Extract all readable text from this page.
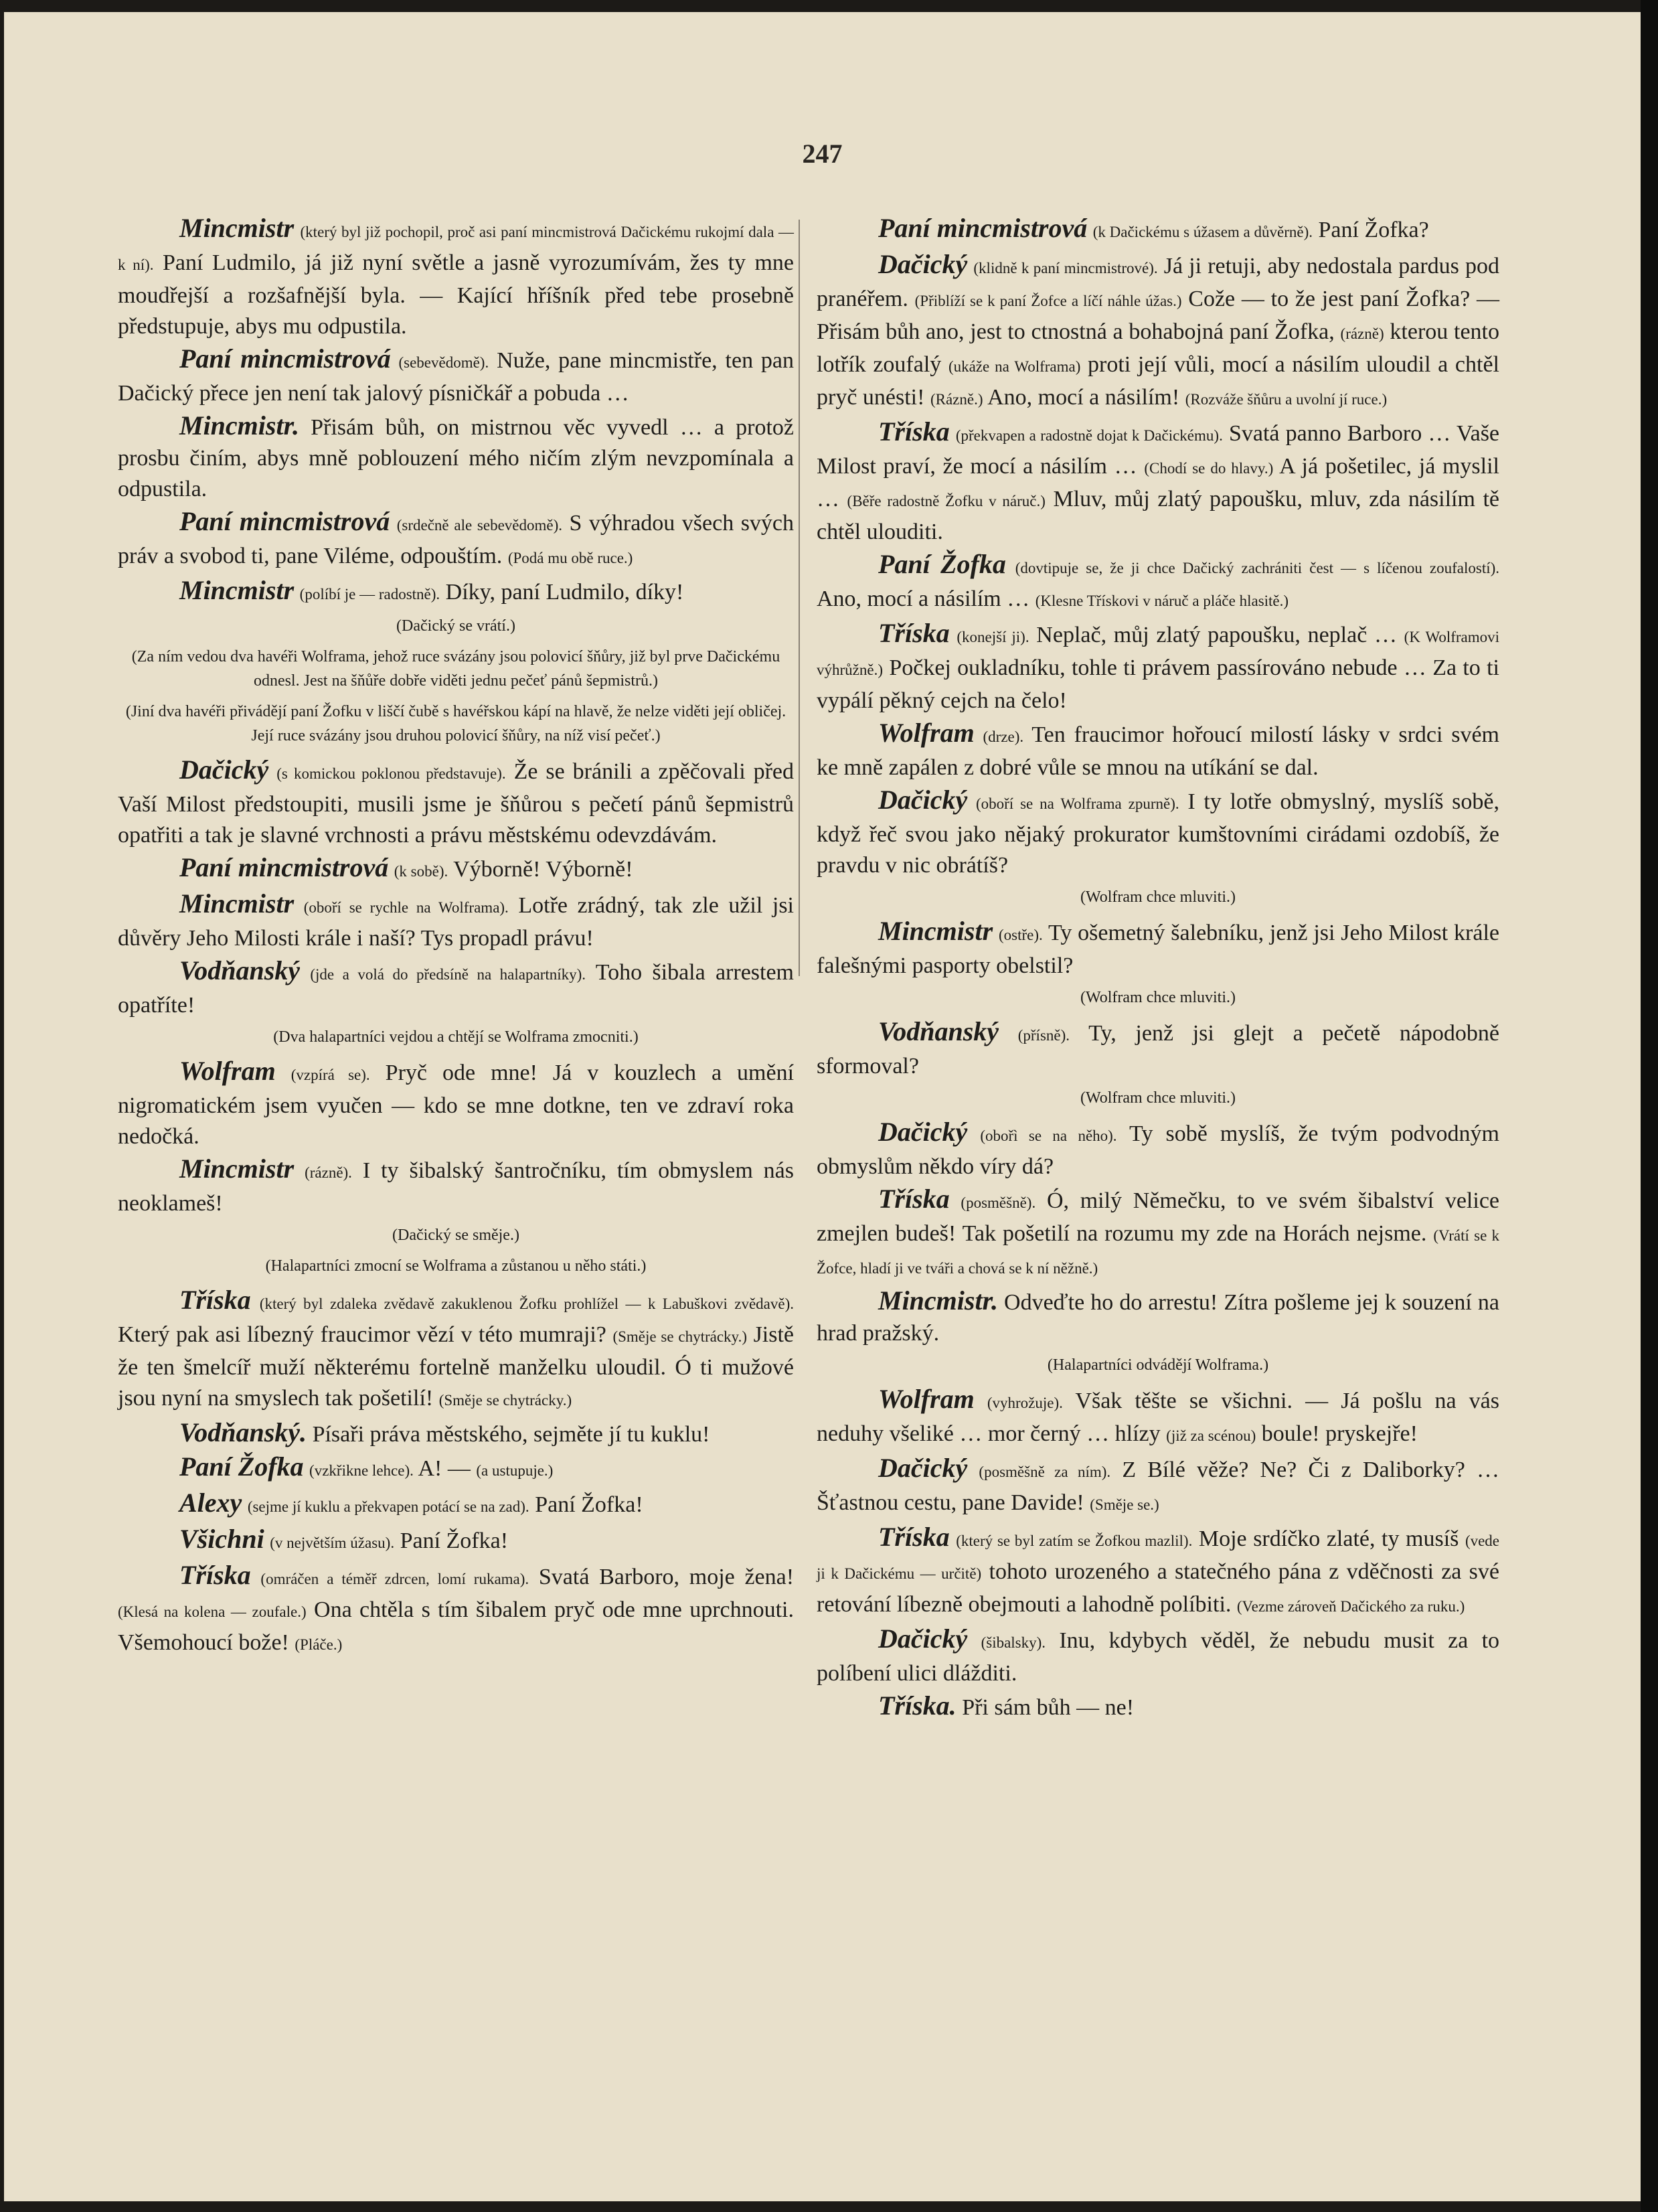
247

Mincmistr (který byl již pochopil, proč asi paní mincmistrová Dačickému rukojmí dala — k ní). Paní Ludmilo, já již nyní světle a jasně vyrozumívám, žes ty mne moudřejší a rozšafnější byla. — Kající hříšník před tebe prosebně předstupuje, abys mu odpustila.

Paní mincmistrová (sebevědomě). Nuže, pane mincmistře, ten pan Dačický přece jen není tak jalový písničkář a pobuda …

Mincmistr. Přisám bůh, on mistrnou věc vyvedl … a protož prosbu činím, abys mně poblouzení mého ničím zlým nevzpomínala a odpustila.

Paní mincmistrová (srdečně ale sebevědomě). S výhradou všech svých práv a svobod ti, pane Viléme, odpouštím. (Podá mu obě ruce.)

Mincmistr (políbí je — radostně). Díky, paní Ludmilo, díky!

(Dačický se vrátí.)

(Za ním vedou dva havéři Wolframa, jehož ruce svázány jsou polovicí šňůry, již byl prve Dačickému odnesl. Jest na šňůře dobře viděti jednu pečeť pánů šepmistrů.)

(Jiní dva havéři přivádějí paní Žofku v liščí čubě s havéřskou kápí na hlavě, že nelze viděti její obličej. Její ruce svázány jsou druhou polovicí šňůry, na níž visí pečeť.)

Dačický (s komickou poklonou představuje). Že se bránili a zpěčovali před Vaší Milost předstoupiti, musili jsme je šňůrou s pečetí pánů šepmistrů opatřiti a tak je slavné vrchnosti a právu městskému odevzdávám.

Paní mincmistrová (k sobě). Výborně! Výborně!

Mincmistr (oboří se rychle na Wolframa). Lotře zrádný, tak zle užil jsi důvěry Jeho Milosti krále i naší? Tys propadl právu!

Vodňanský (jde a volá do předsíně na halapartníky). Toho šibala arrestem opatříte!

(Dva halapartníci vejdou a chtějí se Wolframa zmocniti.)

Wolfram (vzpírá se). Pryč ode mne! Já v kouzlech a umění nigromatickém jsem vyučen — kdo se mne dotkne, ten ve zdraví roka nedočká.

Mincmistr (rázně). I ty šibalský šantročníku, tím obmyslem nás neoklameš!

(Dačický se směje.)

(Halapartníci zmocní se Wolframa a zůstanou u něho státi.)

Tříska (který byl zdaleka zvědavě zakuklenou Žofku prohlížel — k Labuškovi zvědavě). Který pak asi líbezný fraucimor vězí v této mumraji? (Směje se chytrácky.) Jistě že ten šmelcíř muží některému fortelně manželku uloudil. Ó ti mužové jsou nyní na smyslech tak pošetilí! (Směje se chytrácky.)

Vodňanský. Písaři práva městského, sejměte jí tu kuklu!

Paní Žofka (vzkřikne lehce). A! — (a ustupuje.)

Alexy (sejme jí kuklu a překvapen potácí se na zad). Paní Žofka!

Všichni (v největším úžasu). Paní Žofka!

Tříska (omráčen a téměř zdrcen, lomí rukama). Svatá Barboro, moje žena! (Klesá na kolena — zoufale.) Ona chtěla s tím šibalem pryč ode mne uprchnouti. Všemohoucí bože! (Pláče.)

Paní mincmistrová (k Dačickému s úžasem a důvěrně). Paní Žofka?

Dačický (klidně k paní mincmistrové). Já ji retuji, aby nedostala pardus pod pranéřem. (Přiblíží se k paní Žofce a líčí náhle úžas.) Cože — to že jest paní Žofka? — Přisám bůh ano, jest to ctnostná a bohabojná paní Žofka, (rázně) kterou tento lotřík zoufalý (ukáže na Wolframa) proti její vůli, mocí a násilím uloudil a chtěl pryč unésti! (Rázně.) Ano, mocí a násilím! (Rozváže šňůru a uvolní jí ruce.)

Tříska (překvapen a radostně dojat k Dačickému). Svatá panno Barboro … Vaše Milost praví, že mocí a násilím … (Chodí se do hlavy.) A já pošetilec, já myslil … (Běře radostně Žofku v náruč.) Mluv, můj zlatý papoušku, mluv, zda násilím tě chtěl ulouditi.

Paní Žofka (dovtipuje se, že ji chce Dačický zachrániti čest — s líčenou zoufalostí). Ano, mocí a násilím … (Klesne Třískovi v náruč a pláče hlasitě.)

Tříska (konejší ji). Neplač, můj zlatý papoušku, neplač … (K Wolframovi výhrůžně.) Počkej oukladníku, tohle ti právem passírováno nebude … Za to ti vypálí pěkný cejch na čelo!

Wolfram (drze). Ten fraucimor hořoucí milostí lásky v srdci svém ke mně zapálen z dobré vůle se mnou na utíkání se dal.

Dačický (oboří se na Wolframa zpurně). I ty lotře obmyslný, myslíš sobě, když řeč svou jako nějaký prokurator kumštovními cirádami ozdobíš, že pravdu v nic obrátíš?

(Wolfram chce mluviti.)

Mincmistr (ostře). Ty ošemetný šalebníku, jenž jsi Jeho Milost krále falešnými pasporty obelstil?

(Wolfram chce mluviti.)

Vodňanský (přísně). Ty, jenž jsi glejt a pečetě nápodobně sformoval?

(Wolfram chce mluviti.)

Dačický (obořì se na něho). Ty sobě myslíš, že tvým podvodným obmyslům někdo víry dá?

Tříska (posměšně). Ó, milý Němečku, to ve svém šibalství velice zmejlen budeš! Tak pošetilí na rozumu my zde na Horách nejsme. (Vrátí se k Žofce, hladí ji ve tváři a chová se k ní něžně.)

Mincmistr. Odveďte ho do arrestu! Zítra pošleme jej k souzení na hrad pražský.

(Halapartníci odvádějí Wolframa.)

Wolfram (vyhrožuje). Však těšte se všichni. — Já pošlu na vás neduhy všeliké … mor černý … hlízy (již za scénou) boule! pryskejře!

Dačický (posměšně za ním). Z Bílé věže? Ne? Či z Daliborky? … Šťastnou cestu, pane Davide! (Směje se.)

Tříska (který se byl zatím se Žofkou mazlil). Moje srdíčko zlaté, ty musíš (vede ji k Dačickému — určitě) tohoto urozeného a statečného pána z vděčnosti za své retování líbezně obejmouti a lahodně políbiti. (Vezme zároveň Dačického za ruku.)

Dačický (šibalsky). Inu, kdybych věděl, že nebudu musit za to políbení ulici dlážditi.

Tříska. Při sám bůh — ne!
